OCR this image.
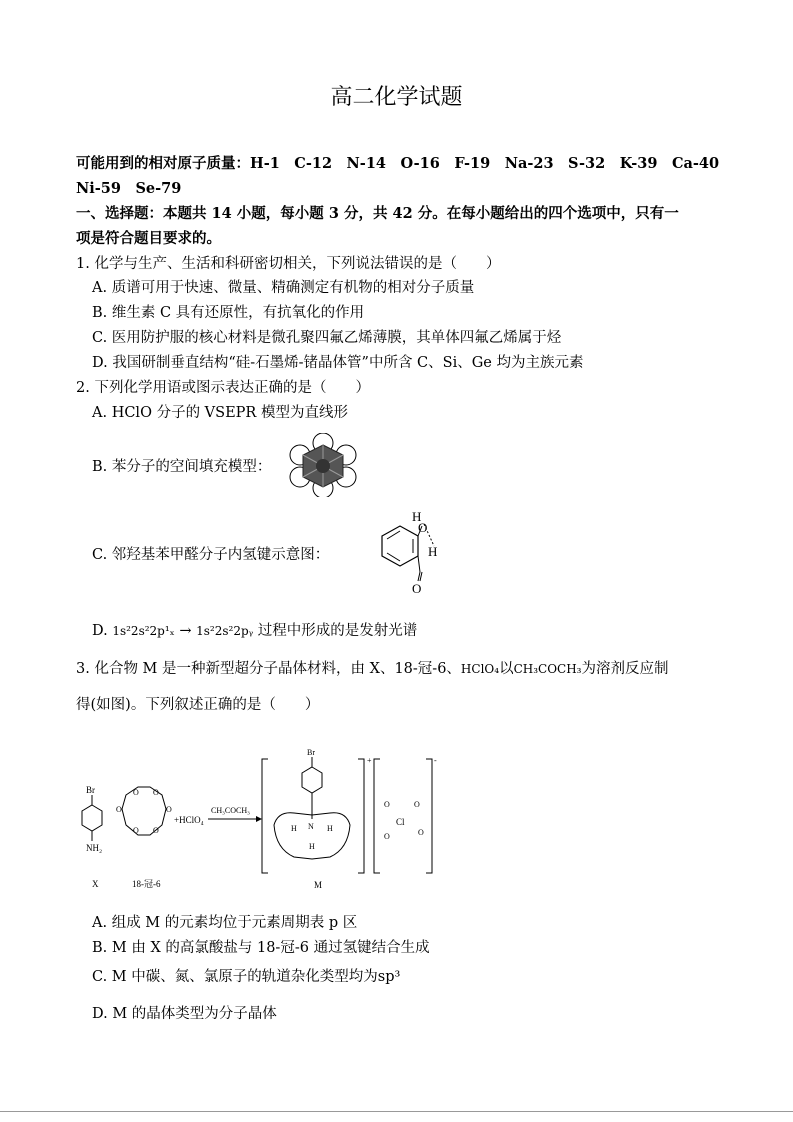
高二化学试题
可能用到的相对原子质量：H-1　C-12　N-14　O-16　F-19　Na-23　S-32　K-39　Ca-40
Ni-59　Se-79
一、选择题：本题共 14 小题，每小题 3 分，共 42 分。在每小题给出的四个选项中，只有一
项是符合题目要求的。
1. 化学与生产、生活和科研密切相关，下列说法错误的是（　　）
A. 质谱可用于快速、微量、精确测定有机物的相对分子质量
B. 维生素 C 具有还原性，有抗氧化的作用
C. 医用防护服的核心材料是微孔聚四氟乙烯薄膜，其单体四氟乙烯属于烃
D. 我国研制垂直结构“硅-石墨烯-锗晶体管”中所含 C、Si、Ge 均为主族元素
2. 下列化学用语或图示表达正确的是（　　）
A. HClO 分子的 VSEPR 模型为直线形
B. 苯分子的空间填充模型：
C. 邻羟基苯甲醛分子内氢键示意图：
H
O
H
O
D. 1s²2s²2p¹ₓ → 1s²2s²2pᵧ 过程中形成的是发射光谱
3. 化合物 M 是一种新型超分子晶体材料，由 X、18-冠-6、HClO₄以CH₃COCH₃为溶剂反应制
得(如图)。下列叙述正确的是（　　）
Br
NH₂
X
O
O O
O
O
O
18-冠-6
+HClO₄
CH₃COCH₃
+
Br
N
H	H
H
M
-
Cl
O	O
O	O
A. 组成 M 的元素均位于元素周期表 p 区
B. M 由 X 的高氯酸盐与 18-冠-6 通过氢键结合生成
C. M 中碳、氮、氯原子的轨道杂化类型均为sp³
D. M 的晶体类型为分子晶体
